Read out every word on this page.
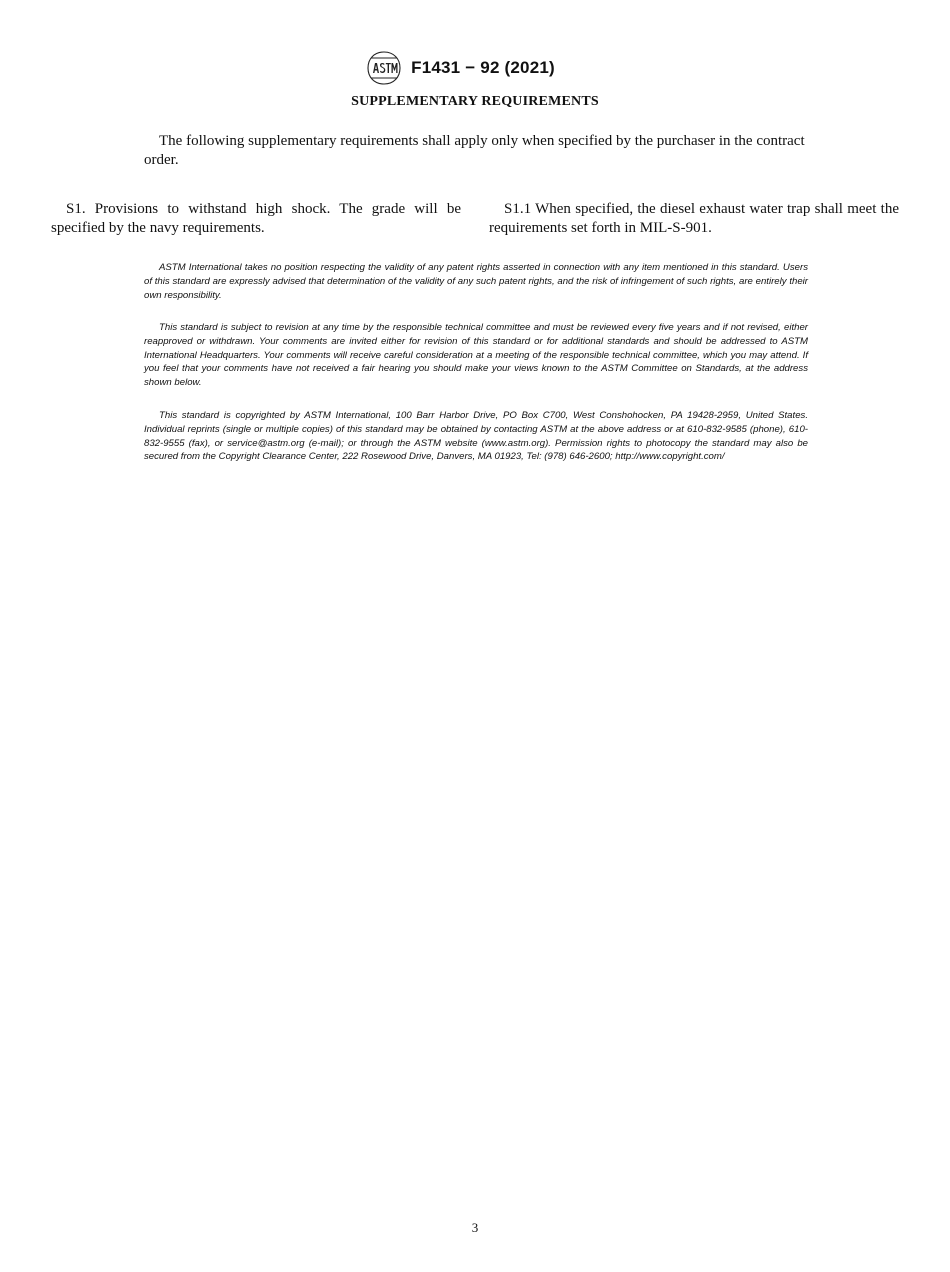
F1431 − 92 (2021)
SUPPLEMENTARY REQUIREMENTS

The following supplementary requirements shall apply only when specified by the purchaser in the contract order.

S1. Provisions to withstand high shock. The grade will be specified by the navy requirements.

S1.1 When specified, the diesel exhaust water trap shall meet the requirements set forth in MIL-S-901.

ASTM International takes no position respecting the validity of any patent rights asserted in connection with any item mentioned in this standard. Users of this standard are expressly advised that determination of the validity of any such patent rights, and the risk of infringement of such rights, are entirely their own responsibility.

This standard is subject to revision at any time by the responsible technical committee and must be reviewed every five years and if not revised, either reapproved or withdrawn. Your comments are invited either for revision of this standard or for additional standards and should be addressed to ASTM International Headquarters. Your comments will receive careful consideration at a meeting of the responsible technical committee, which you may attend. If you feel that your comments have not received a fair hearing you should make your views known to the ASTM Committee on Standards, at the address shown below.

This standard is copyrighted by ASTM International, 100 Barr Harbor Drive, PO Box C700, West Conshohocken, PA 19428-2959, United States. Individual reprints (single or multiple copies) of this standard may be obtained by contacting ASTM at the above address or at 610-832-9585 (phone), 610-832-9555 (fax), or service@astm.org (e-mail); or through the ASTM website (www.astm.org). Permission rights to photocopy the standard may also be secured from the Copyright Clearance Center, 222 Rosewood Drive, Danvers, MA 01923, Tel: (978) 646-2600; http://www.copyright.com/

3
